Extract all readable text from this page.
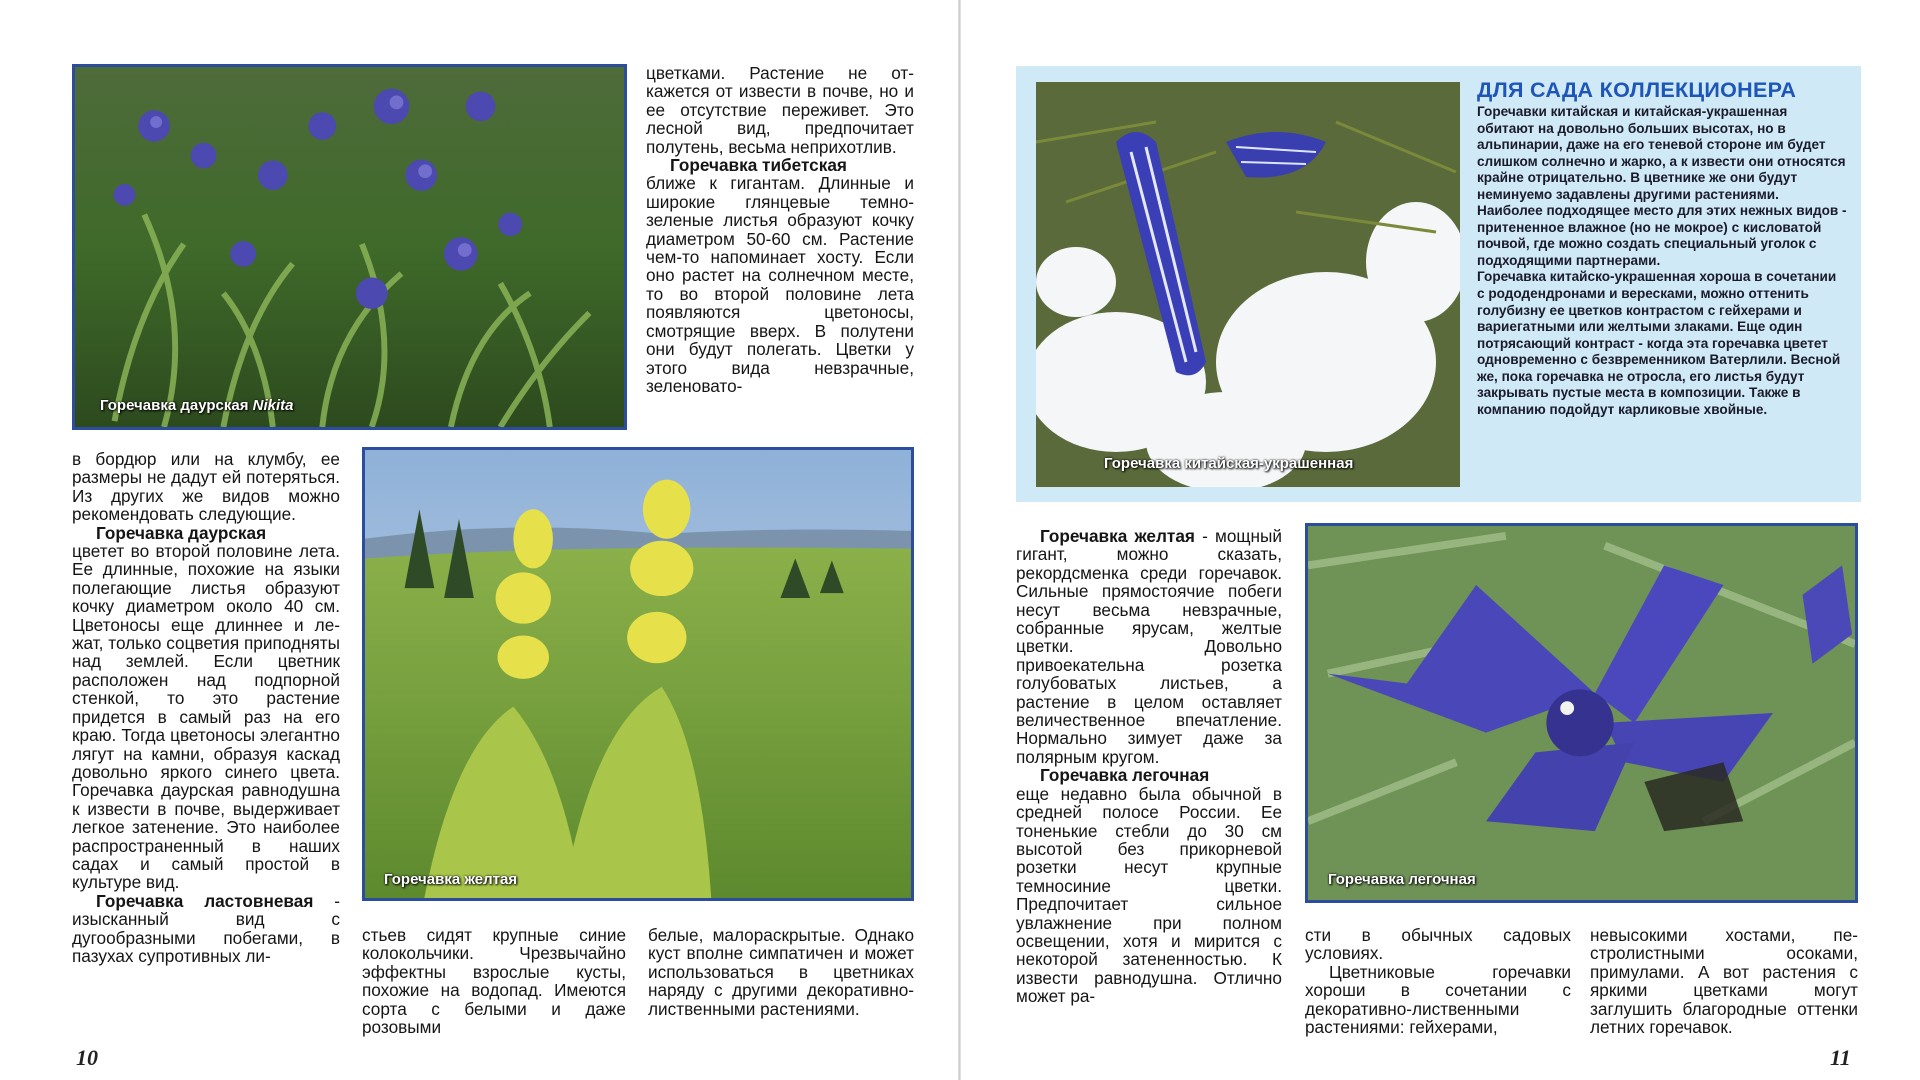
Горечавка даурская Nikita

цветками. Растение не откажется от извести в почве, но и ее отсутствие переживет. Это лесной вид, предпочитает полутень, весьма неприхотлив.

Горечавка тибетская

ближе к гигантам. Длинные и широкие глянцевые темно-зеленые листья образуют кочку диаметром 50-60 см. Растение чем-то напоминает хосту. Если оно растет на солнечном месте, то во второй половине лета появляются цветоносы, смотрящие вверх. В полутени они будут полегать. Цветки у этого вида невзрачные, зеленовато-

в бордюр или на клумбу, ее размеры не дадут ей потеряться. Из других же видов можно рекомендовать следующие.

Горечавка даурская

цветет во второй половине лета. Ее длинные, похожие на языки полегающие листья образуют кочку диаметром около 40 см. Цветоносы еще длиннее и лежат, только соцветия приподняты над землей. Если цветник расположен над подпорной стенкой, то это растение придется в самый раз на его краю. Тогда цветоносы элегантно лягут на камни, образуя каскад довольно яркого синего цвета. Горечавка даурская равнодушна к извести в почве, выдерживает легкое затенение. Это наиболее распространенный в наших садах и самый простой в культуре вид.

Горечавка ластовневая - изысканный вид с дугообразными побегами, в пазухах супротивных ли-

Горечавка желтая

стьев сидят крупные синие колокольчики. Чрезвычайно эффектны взрослые кусты, похожие на водопад. Имеются сорта с белыми и даже розовыми

белые, малораскрытые. Однако куст вполне симпатичен и может использоваться в цветниках наряду с другими декоративно-лиственными растениями.

10
Горечавка китайская-украшенная
ДЛЯ САДА КОЛЛЕКЦИОНЕРА

Горечавки китайская и китайская-украшенная обитают на довольно больших высотах, но в альпинарии, даже на его теневой стороне им будет слишком солнечно и жарко, а к извести они относятся крайне отрицательно. В цветнике же они будут неминуемо задавлены другими растениями. Наиболее подходящее место для этих нежных видов - притененное влажное (но не мокрое) с кисловатой почвой, где можно создать специальный уголок с подходящими партнерами.

Горечавка китайско-украшенная хороша в сочетании с рододендронами и вересками, можно оттенить голубизну ее цветков контрастом с гейхерами и вариегатными или желтыми злаками. Еще один потрясающий контраст - когда эта горечавка цветет одновременно с безвременником Ватерлили. Весной же, пока горечавка не отросла, его листья будут закрывать пустые места в композиции. Также в компанию подойдут карликовые хвойные.

Горечавка желтая - мощный гигант, можно сказать, рекордсменка среди горечавок. Сильные прямостоячие побеги несут весьма невзрачные, собранные ярусам, желтые цветки. Довольно привоекательна розетка голубоватых листьев, а растение в целом оставляет величественное впечатление. Нормально зимует даже за полярным кругом.

Горечавка легочная

еще недавно была обычной в средней полосе России. Ее тоненькие стебли до 30 см высотой без прикорневой розетки несут крупные темносиние цветки. Предпочитает сильное увлажнение при полном освещении, хотя и мирится с некоторой затененностью. К извести равнодушна. Отлично может ра-

Горечавка легочная

сти в обычных садовых условиях.

Цветниковые горечавки хороши в сочетании с декоративно-лиственными растениями: гейхерами,

невысокими хостами, пестролистными осоками, примулами. А вот растения с яркими цветками могут заглушить благородные оттенки летних горечавок.

11
